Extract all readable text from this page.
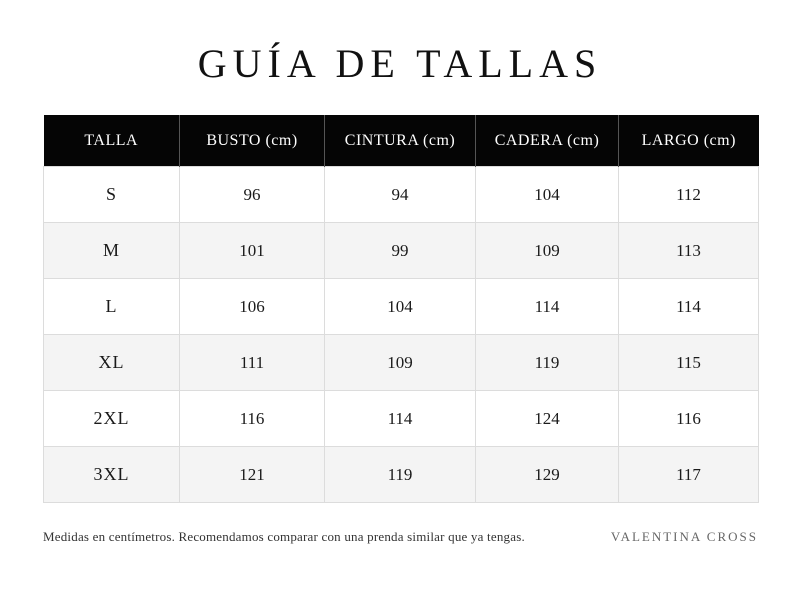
GUÍA DE TALLAS
TALLA	BUSTO (cm)	CINTURA (cm)	CADERA (cm)	LARGO (cm)
S	96	94	104	112
M	101	99	109	113
L	106	104	114	114
XL	111	109	119	115
2XL	116	114	124	116
3XL	121	119	129	117
Medidas en centímetros. Recomendamos comparar con una prenda similar que ya tengas.	VALENTINA CROSS
